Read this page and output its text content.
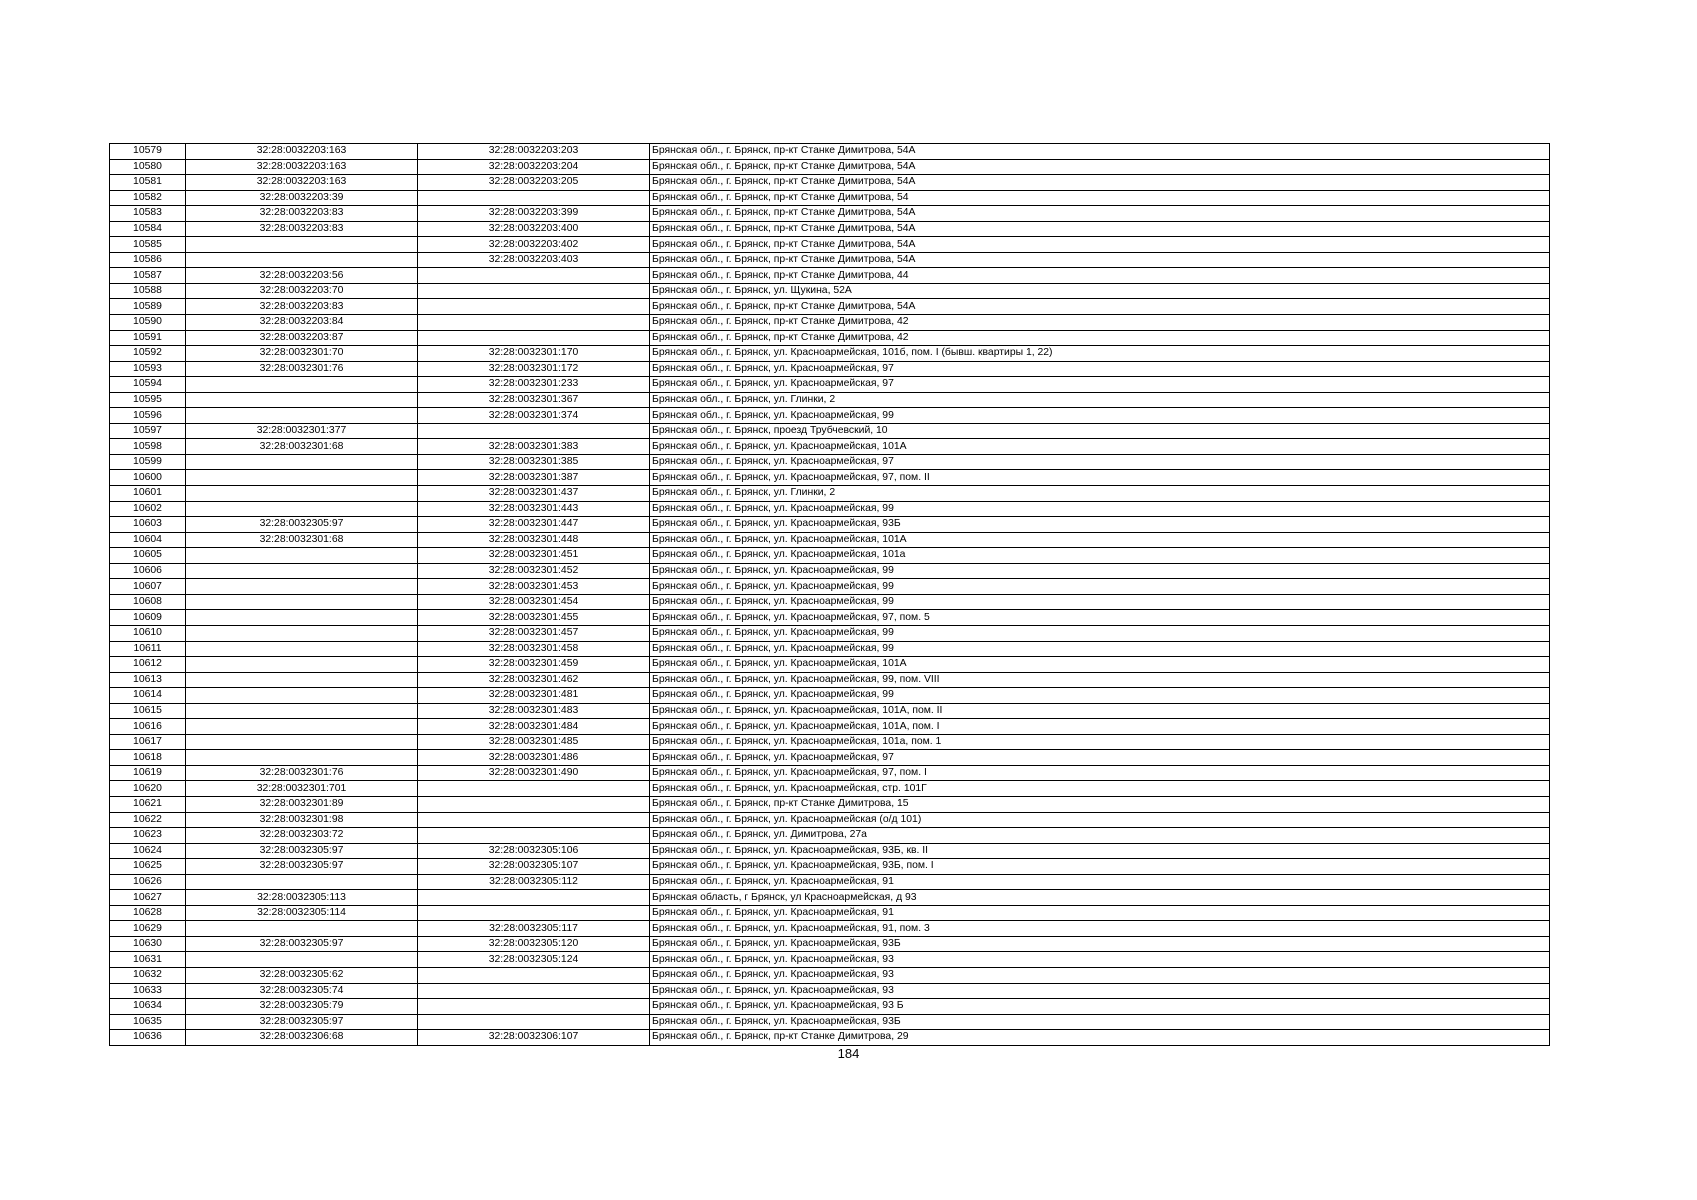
10579	32:28:0032203:163	32:28:0032203:203	Брянская обл., г. Брянск, пр-кт Станке Димитрова, 54А
10580	32:28:0032203:163	32:28:0032203:204	Брянская обл., г. Брянск, пр-кт Станке Димитрова, 54А
10581	32:28:0032203:163	32:28:0032203:205	Брянская обл., г. Брянск, пр-кт Станке Димитрова, 54А
10582	32:28:0032203:39		Брянская обл., г. Брянск, пр-кт Станке Димитрова, 54
10583	32:28:0032203:83	32:28:0032203:399	Брянская обл., г. Брянск, пр-кт Станке Димитрова, 54А
10584	32:28:0032203:83	32:28:0032203:400	Брянская обл., г. Брянск, пр-кт Станке Димитрова, 54А
10585		32:28:0032203:402	Брянская обл., г. Брянск, пр-кт Станке Димитрова, 54А
10586		32:28:0032203:403	Брянская обл., г. Брянск, пр-кт Станке Димитрова, 54А
10587	32:28:0032203:56		Брянская обл., г. Брянск, пр-кт Станке Димитрова, 44
10588	32:28:0032203:70		Брянская обл., г. Брянск, ул. Щукина, 52А
10589	32:28:0032203:83		Брянская обл., г. Брянск, пр-кт Станке Димитрова, 54А
10590	32:28:0032203:84		Брянская обл., г. Брянск, пр-кт Станке Димитрова, 42
10591	32:28:0032203:87		Брянская обл., г. Брянск, пр-кт Станке Димитрова, 42
10592	32:28:0032301:70	32:28:0032301:170	Брянская обл., г. Брянск, ул. Красноармейская, 101б, пом. I (бывш. квартиры 1, 22)
10593	32:28:0032301:76	32:28:0032301:172	Брянская обл., г. Брянск, ул. Красноармейская, 97
10594		32:28:0032301:233	Брянская обл., г. Брянск, ул. Красноармейская, 97
10595		32:28:0032301:367	Брянская обл., г. Брянск, ул. Глинки, 2
10596		32:28:0032301:374	Брянская обл., г. Брянск, ул. Красноармейская, 99
10597	32:28:0032301:377		Брянская обл., г. Брянск, проезд Трубчевский, 10
10598	32:28:0032301:68	32:28:0032301:383	Брянская обл., г. Брянск, ул. Красноармейская, 101А
10599		32:28:0032301:385	Брянская обл., г. Брянск, ул. Красноармейская, 97
10600		32:28:0032301:387	Брянская обл., г. Брянск, ул. Красноармейская, 97, пом. II
10601		32:28:0032301:437	Брянская обл., г. Брянск, ул. Глинки, 2
10602		32:28:0032301:443	Брянская обл., г. Брянск, ул. Красноармейская, 99
10603	32:28:0032305:97	32:28:0032301:447	Брянская обл., г. Брянск, ул. Красноармейская, 93Б
10604	32:28:0032301:68	32:28:0032301:448	Брянская обл., г. Брянск, ул. Красноармейская, 101А
10605		32:28:0032301:451	Брянская обл., г. Брянск, ул. Красноармейская, 101а
10606		32:28:0032301:452	Брянская обл., г. Брянск, ул. Красноармейская, 99
10607		32:28:0032301:453	Брянская обл., г. Брянск, ул. Красноармейская, 99
10608		32:28:0032301:454	Брянская обл., г. Брянск, ул. Красноармейская, 99
10609		32:28:0032301:455	Брянская обл., г. Брянск, ул. Красноармейская, 97, пом. 5
10610		32:28:0032301:457	Брянская обл., г. Брянск, ул. Красноармейская, 99
10611		32:28:0032301:458	Брянская обл., г. Брянск, ул. Красноармейская, 99
10612		32:28:0032301:459	Брянская обл., г. Брянск, ул. Красноармейская, 101А
10613		32:28:0032301:462	Брянская обл., г. Брянск, ул. Красноармейская, 99, пом. VIII
10614		32:28:0032301:481	Брянская обл., г. Брянск, ул. Красноармейская, 99
10615		32:28:0032301:483	Брянская обл., г. Брянск, ул. Красноармейская, 101А, пом. II
10616		32:28:0032301:484	Брянская обл., г. Брянск, ул. Красноармейская, 101А, пом. I
10617		32:28:0032301:485	Брянская обл., г. Брянск, ул. Красноармейская, 101а, пом. 1
10618		32:28:0032301:486	Брянская обл., г. Брянск, ул. Красноармейская, 97
10619	32:28:0032301:76	32:28:0032301:490	Брянская обл., г. Брянск, ул. Красноармейская, 97, пом. I
10620	32:28:0032301:701		Брянская обл., г. Брянск, ул. Красноармейская, стр. 101Г
10621	32:28:0032301:89		Брянская обл., г. Брянск, пр-кт Станке Димитрова, 15
10622	32:28:0032301:98		Брянская обл., г. Брянск, ул. Красноармейская (о/д 101)
10623	32:28:0032303:72		Брянская обл., г. Брянск, ул. Димитрова, 27а
10624	32:28:0032305:97	32:28:0032305:106	Брянская обл., г. Брянск, ул. Красноармейская, 93Б, кв. II
10625	32:28:0032305:97	32:28:0032305:107	Брянская обл., г. Брянск, ул. Красноармейская, 93Б, пом. I
10626		32:28:0032305:112	Брянская обл., г. Брянск, ул. Красноармейская, 91
10627	32:28:0032305:113		Брянская область, г Брянск, ул Красноармейская, д 93
10628	32:28:0032305:114		Брянская обл., г. Брянск, ул. Красноармейская, 91
10629		32:28:0032305:117	Брянская обл., г. Брянск, ул. Красноармейская, 91, пом. 3
10630	32:28:0032305:97	32:28:0032305:120	Брянская обл., г. Брянск, ул. Красноармейская, 93Б
10631		32:28:0032305:124	Брянская обл., г. Брянск, ул. Красноармейская, 93
10632	32:28:0032305:62		Брянская обл., г. Брянск, ул. Красноармейская, 93
10633	32:28:0032305:74		Брянская обл., г. Брянск, ул. Красноармейская, 93
10634	32:28:0032305:79		Брянская обл., г. Брянск, ул. Красноармейская, 93 Б
10635	32:28:0032305:97		Брянская обл., г. Брянск, ул. Красноармейская, 93Б
10636	32:28:0032306:68	32:28:0032306:107	Брянская обл., г. Брянск, пр-кт Станке Димитрова, 29
184
